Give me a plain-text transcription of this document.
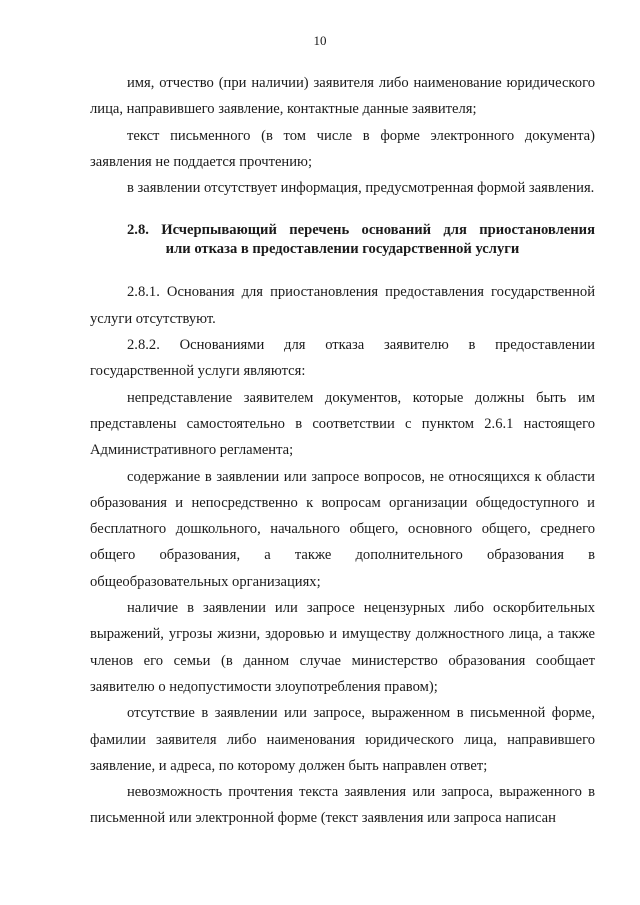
10

имя, отчество (при наличии) заявителя либо наименование юридического лица, направившего заявление, контактные данные заявителя;

текст письменного (в том числе в форме электронного документа) заявления не поддается прочтению;

в заявлении отсутствует информация, предусмотренная формой заявления.

2.8. Исчерпывающий перечень оснований для приостановления
или отказа в предоставлении государственной услуги

2.8.1. Основания для приостановления предоставления государственной услуги отсутствуют.

2.8.2. Основаниями для отказа заявителю в предоставлении государственной услуги являются:

непредставление заявителем документов, которые должны быть им представлены самостоятельно в соответствии с пунктом 2.6.1 настоящего Административного регламента;

содержание в заявлении или запросе вопросов, не относящихся к области образования и непосредственно к вопросам организации общедоступного и бесплатного дошкольного, начального общего, основного общего, среднего общего образования, а также дополнительного образования в общеобразовательных организациях;

наличие в заявлении или запросе нецензурных либо оскорбительных выражений, угрозы жизни, здоровью и имуществу должностного лица, а также членов его семьи (в данном случае министерство образования сообщает заявителю о недопустимости злоупотребления правом);

отсутствие в заявлении или запросе, выраженном в письменной форме, фамилии заявителя либо наименования юридического лица, направившего заявление, и адреса, по которому должен быть направлен ответ;

невозможность прочтения текста заявления или запроса, выраженного в письменной или электронной форме (текст заявления или запроса написан
